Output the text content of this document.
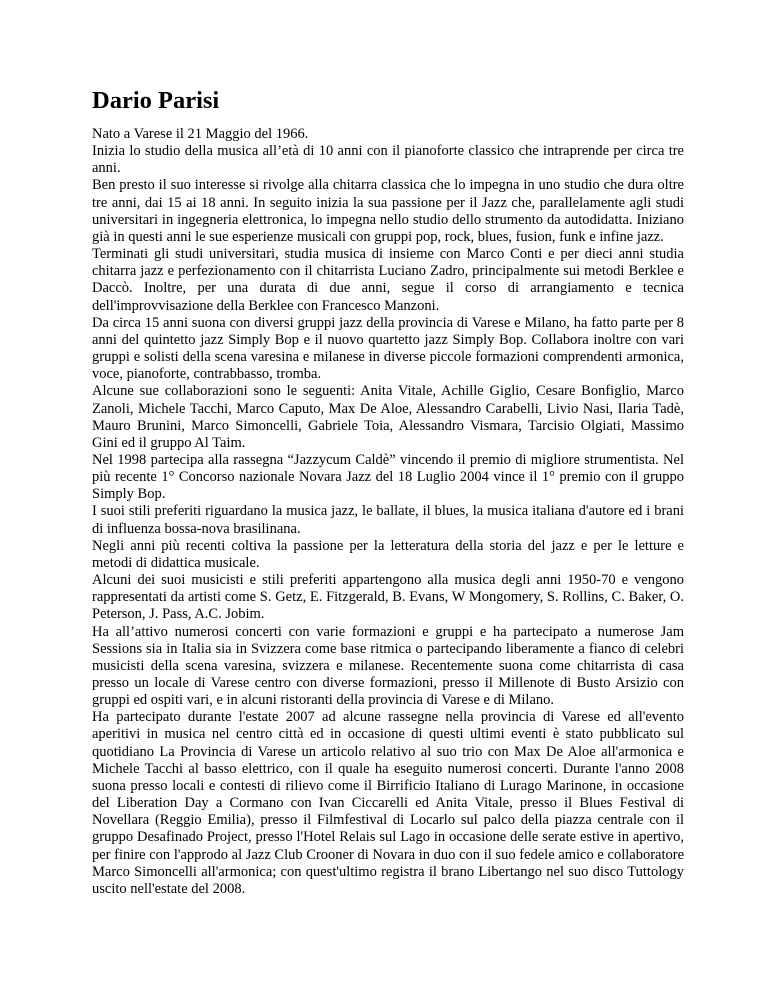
Dario Parisi

Nato a Varese il 21 Maggio del 1966.

Inizia lo studio della musica all’età di 10 anni con il pianoforte classico che intraprende per circa tre anni.

Ben presto il suo interesse si rivolge alla chitarra classica che lo impegna in uno studio che dura oltre tre anni, dai 15 ai 18 anni. In seguito inizia la sua passione per il Jazz che, parallelamente agli studi universitari in ingegneria elettronica, lo impegna nello studio dello strumento da autodidatta. Iniziano già in questi anni le sue esperienze musicali con gruppi pop, rock, blues, fusion, funk e infine jazz.

Terminati gli studi universitari, studia musica di insieme con Marco Conti e per dieci anni studia chitarra jazz e perfezionamento con il chitarrista Luciano Zadro, principalmente sui metodi Berklee e Daccò. Inoltre, per una durata di due anni, segue il corso di arrangiamento e tecnica dell'improvvisazione della Berklee con Francesco Manzoni.

Da circa 15 anni suona con diversi gruppi jazz della provincia di Varese e Milano, ha fatto parte per 8 anni del quintetto jazz Simply Bop e il nuovo quartetto jazz Simply Bop. Collabora inoltre con vari gruppi e solisti della scena varesina e milanese in diverse piccole formazioni comprendenti armonica, voce, pianoforte, contrabbasso, tromba.

Alcune sue collaborazioni sono le seguenti: Anita Vitale, Achille Giglio, Cesare Bonfiglio, Marco Zanoli, Michele Tacchi, Marco Caputo, Max De Aloe, Alessandro Carabelli, Livio Nasi, Ilaria Tadè, Mauro Brunini, Marco Simoncelli, Gabriele Toia, Alessandro Vismara, Tarcisio Olgiati, Massimo Gini ed il gruppo Al Taim.

Nel 1998 partecipa alla rassegna “Jazzycum Caldè” vincendo il premio di migliore strumentista. Nel più recente 1° Concorso nazionale Novara Jazz del 18 Luglio 2004 vince il 1° premio con il gruppo Simply Bop.

I suoi stili preferiti riguardano la musica jazz, le ballate, il blues, la musica italiana d'autore ed i brani di influenza bossa-nova brasilinana.

Negli anni più recenti coltiva la passione per la letteratura della storia del jazz e per le letture e metodi di didattica musicale.

Alcuni dei suoi musicisti e stili preferiti appartengono alla musica degli anni 1950-70 e vengono rappresentati da artisti come S. Getz, E. Fitzgerald, B. Evans, W Mongomery, S. Rollins, C. Baker, O. Peterson, J. Pass, A.C. Jobim.

Ha all’attivo numerosi concerti con varie formazioni e gruppi e ha partecipato a numerose Jam Sessions sia in Italia sia in Svizzera come base ritmica o partecipando liberamente a fianco di celebri musicisti della scena varesina, svizzera e milanese. Recentemente suona come chitarrista di casa presso un locale di Varese centro con diverse formazioni, presso il Millenote di Busto Arsizio con gruppi ed ospiti vari, e in alcuni ristoranti della provincia di Varese e di Milano.

Ha partecipato durante l'estate 2007 ad alcune rassegne nella provincia di Varese ed all'evento aperitivi in musica nel centro città ed in occasione di questi ultimi eventi è stato pubblicato sul quotidiano La Provincia di Varese un articolo relativo al suo trio con Max De Aloe all'armonica e Michele Tacchi al basso elettrico, con il quale ha eseguito numerosi concerti. Durante l'anno 2008 suona presso locali e contesti di rilievo come il Birrificio Italiano di Lurago Marinone, in occasione del Liberation Day a Cormano con Ivan Ciccarelli ed Anita Vitale, presso il Blues Festival di Novellara (Reggio Emilia), presso il Filmfestival di Locarlo sul palco della piazza centrale con il gruppo Desafinado Project, presso l'Hotel Relais sul Lago in occasione delle serate estive in apertivo, per finire con l'approdo al Jazz Club Crooner di Novara in duo con il suo fedele amico e collaboratore Marco Simoncelli all'armonica; con quest'ultimo registra il brano Libertango nel suo disco Tuttology uscito nell'estate del 2008.
